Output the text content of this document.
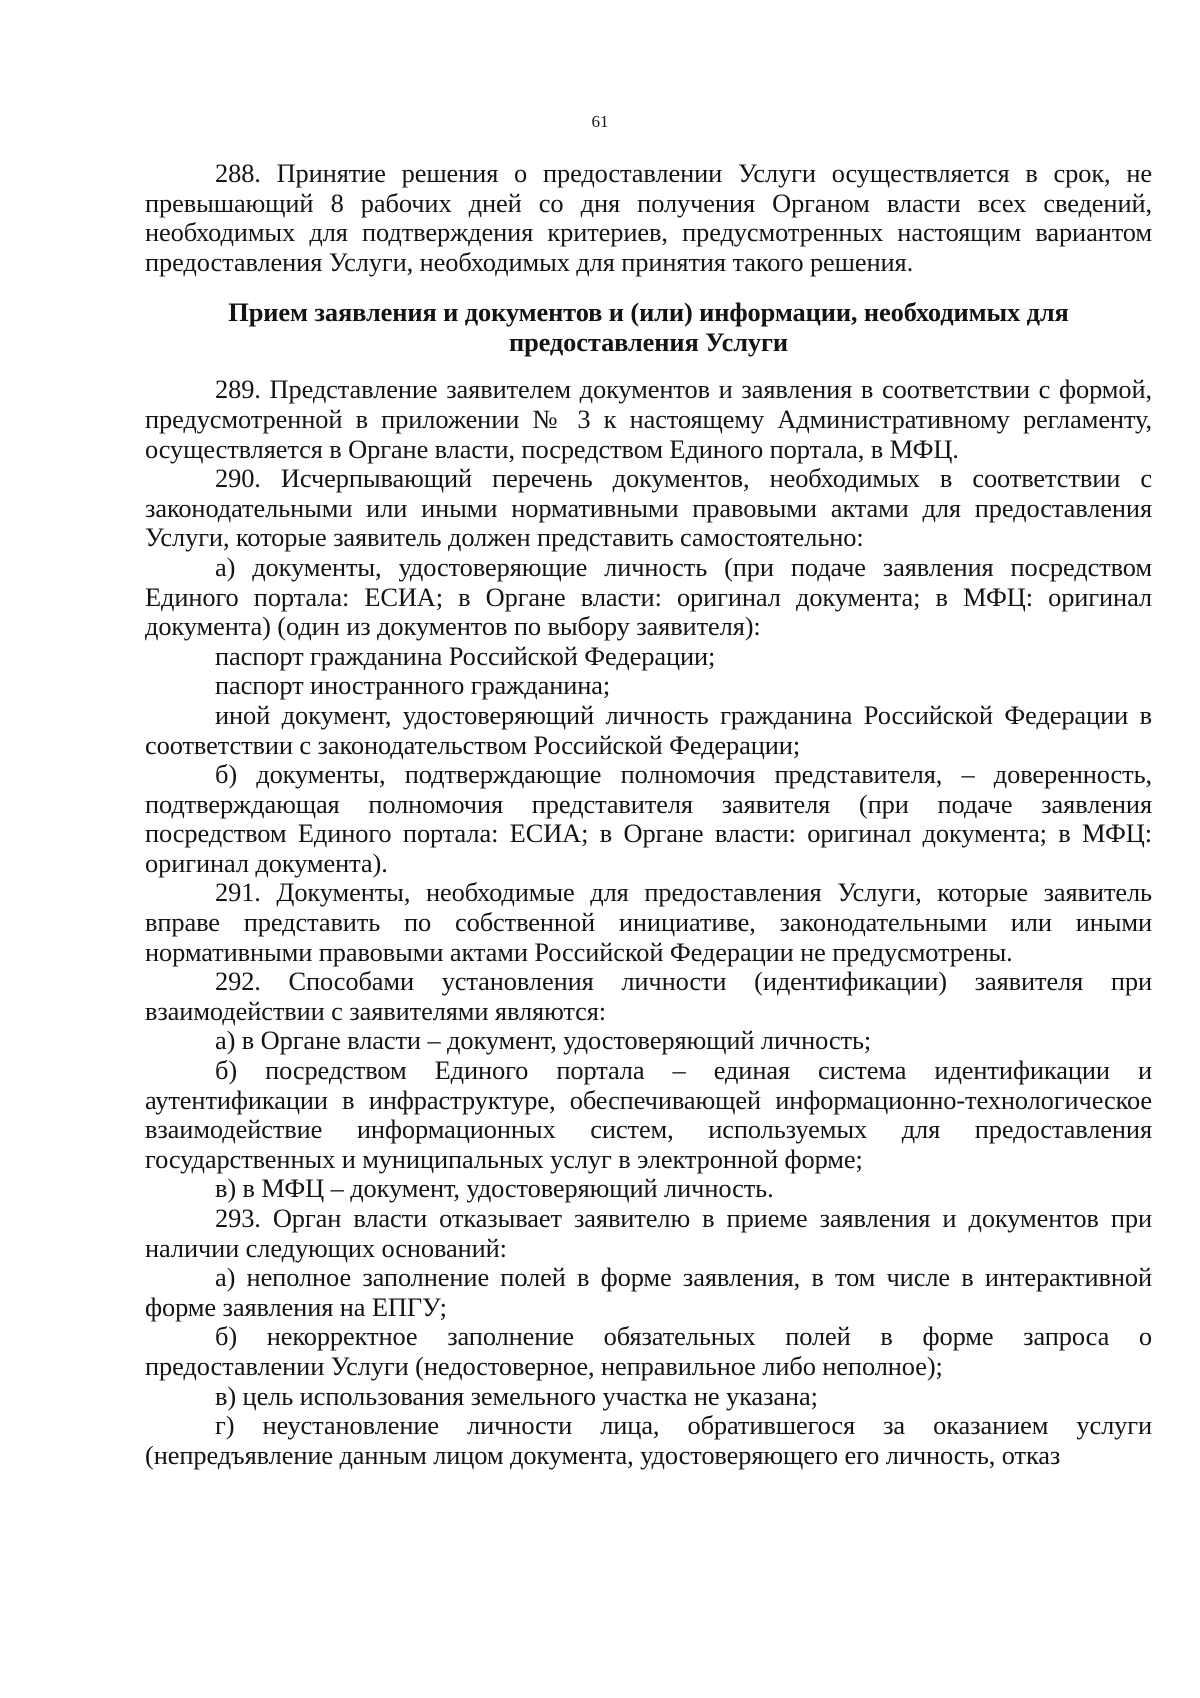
61

288. Принятие решения о предоставлении Услуги осуществляется в срок, не превышающий 8 рабочих дней со дня получения Органом власти всех сведений, необходимых для подтверждения критериев, предусмотренных настоящим вариантом предоставления Услуги, необходимых для принятия такого решения.

Прием заявления и документов и (или) информации, необходимых для
предоставления Услуги

289. Представление заявителем документов и заявления в соответствии с формой, предусмотренной в приложении № 3 к настоящему Административному регламенту, осуществляется в Органе власти, посредством Единого портала, в МФЦ.

290. Исчерпывающий перечень документов, необходимых в соответствии с законодательными или иными нормативными правовыми актами для предоставления Услуги, которые заявитель должен представить самостоятельно:

а) документы, удостоверяющие личность (при подаче заявления посредством Единого портала: ЕСИА; в Органе власти: оригинал документа; в МФЦ: оригинал документа) (один из документов по выбору заявителя):

паспорт гражданина Российской Федерации;

паспорт иностранного гражданина;

иной документ, удостоверяющий личность гражданина Российской Федерации в соответствии с законодательством Российской Федерации;

б) документы, подтверждающие полномочия представителя, – доверенность, подтверждающая полномочия представителя заявителя (при подаче заявления посредством Единого портала: ЕСИА; в Органе власти: оригинал документа; в МФЦ: оригинал документа).

291. Документы, необходимые для предоставления Услуги, которые заявитель вправе представить по собственной инициативе, законодательными или иными нормативными правовыми актами Российской Федерации не предусмотрены.

292. Способами установления личности (идентификации) заявителя при взаимодействии с заявителями являются:

а) в Органе власти – документ, удостоверяющий личность;

б) посредством Единого портала – единая система идентификации и аутентификации в инфраструктуре, обеспечивающей информационно-технологическое взаимодействие информационных систем, используемых для предоставления государственных и муниципальных услуг в электронной форме;

в) в МФЦ – документ, удостоверяющий личность.

293. Орган власти отказывает заявителю в приеме заявления и документов при наличии следующих оснований:

а) неполное заполнение полей в форме заявления, в том числе в интерактивной форме заявления на ЕПГУ;

б) некорректное заполнение обязательных полей в форме запроса о предоставлении Услуги (недостоверное, неправильное либо неполное);

в) цель использования земельного участка не указана;

г) неустановление личности лица, обратившегося за оказанием услуги (непредъявление данным лицом документа, удостоверяющего его личность, отказ
